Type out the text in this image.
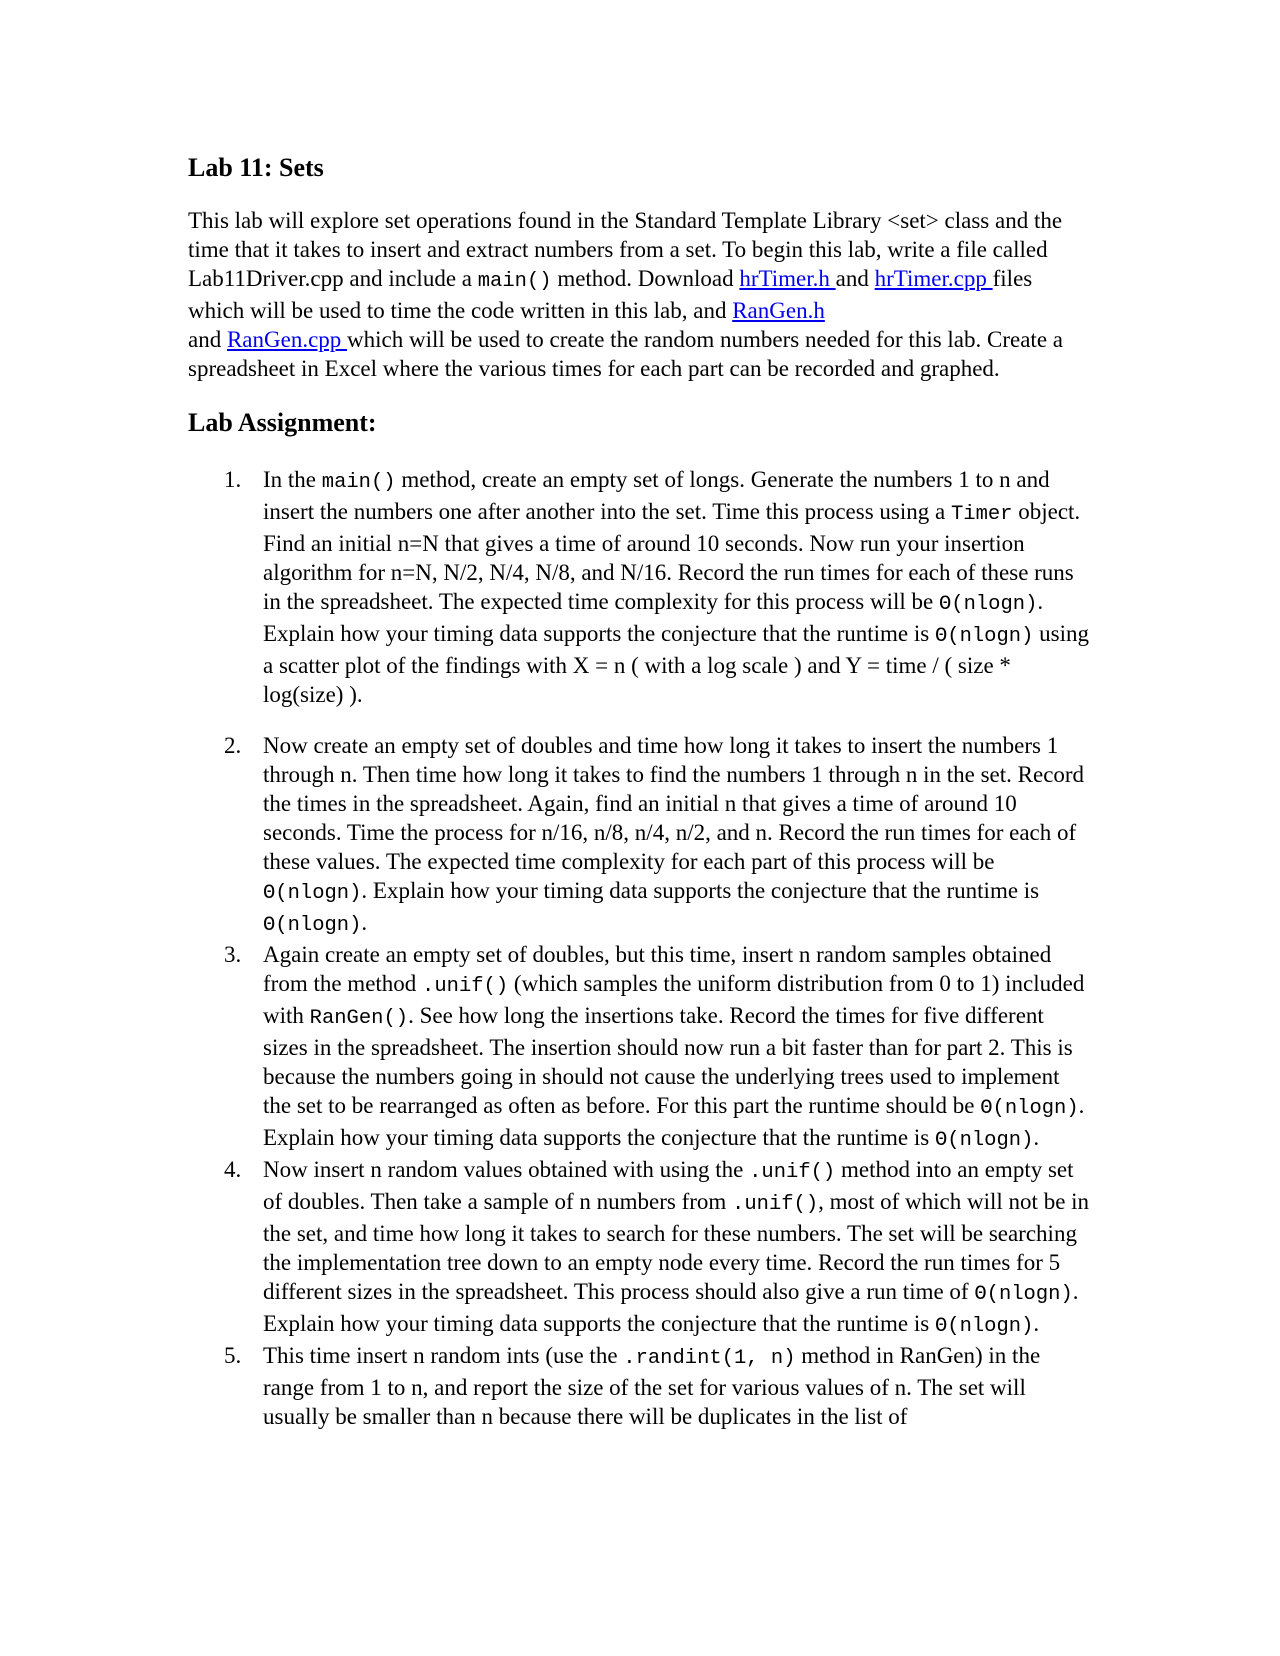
Lab 11: Sets

This lab will explore set operations found in the Standard Template Library <set> class and the time that it takes to insert and extract numbers from a set. To begin this lab, write a file called Lab11Driver.cpp and include a main() method. Download hrTimer.h and hrTimer.cpp files which will be used to time the code written in this lab, and RanGen.h
and RanGen.cpp which will be used to create the random numbers needed for this lab. Create a spreadsheet in Excel where the various times for each part can be recorded and graphed.

Lab Assignment:
1. In the main() method, create an empty set of longs. Generate the numbers 1 to n and insert the numbers one after another into the set. Time this process using a Timer object. Find an initial n=N that gives a time of around 10 seconds. Now run your insertion algorithm for n=N, N/2, N/4, N/8, and N/16. Record the run times for each of these runs in the spreadsheet. The expected time complexity for this process will be Θ(nlogn). Explain how your timing data supports the conjecture that the runtime is Θ(nlogn) using a scatter plot of the findings with X = n ( with a log scale ) and Y = time / ( size * log(size) ).
2. Now create an empty set of doubles and time how long it takes to insert the numbers 1 through n. Then time how long it takes to find the numbers 1 through n in the set. Record the times in the spreadsheet. Again, find an initial n that gives a time of around 10 seconds. Time the process for n/16, n/8, n/4, n/2, and n. Record the run times for each of these values. The expected time complexity for each part of this process will be Θ(nlogn). Explain how your timing data supports the conjecture that the runtime is Θ(nlogn).
3. Again create an empty set of doubles, but this time, insert n random samples obtained from the method .unif() (which samples the uniform distribution from 0 to 1) included with RanGen(). See how long the insertions take. Record the times for five different sizes in the spreadsheet. The insertion should now run a bit faster than for part 2. This is because the numbers going in should not cause the underlying trees used to implement the set to be rearranged as often as before. For this part the runtime should be Θ(nlogn). Explain how your timing data supports the conjecture that the runtime is Θ(nlogn).
4. Now insert n random values obtained with using the .unif() method into an empty set of doubles. Then take a sample of n numbers from .unif(), most of which will not be in the set, and time how long it takes to search for these numbers. The set will be searching the implementation tree down to an empty node every time. Record the run times for 5 different sizes in the spreadsheet. This process should also give a run time of Θ(nlogn). Explain how your timing data supports the conjecture that the runtime is Θ(nlogn).
5. This time insert n random ints (use the .randint(1, n) method in RanGen) in the range from 1 to n, and report the size of the set for various values of n. The set will usually be smaller than n because there will be duplicates in the list of
